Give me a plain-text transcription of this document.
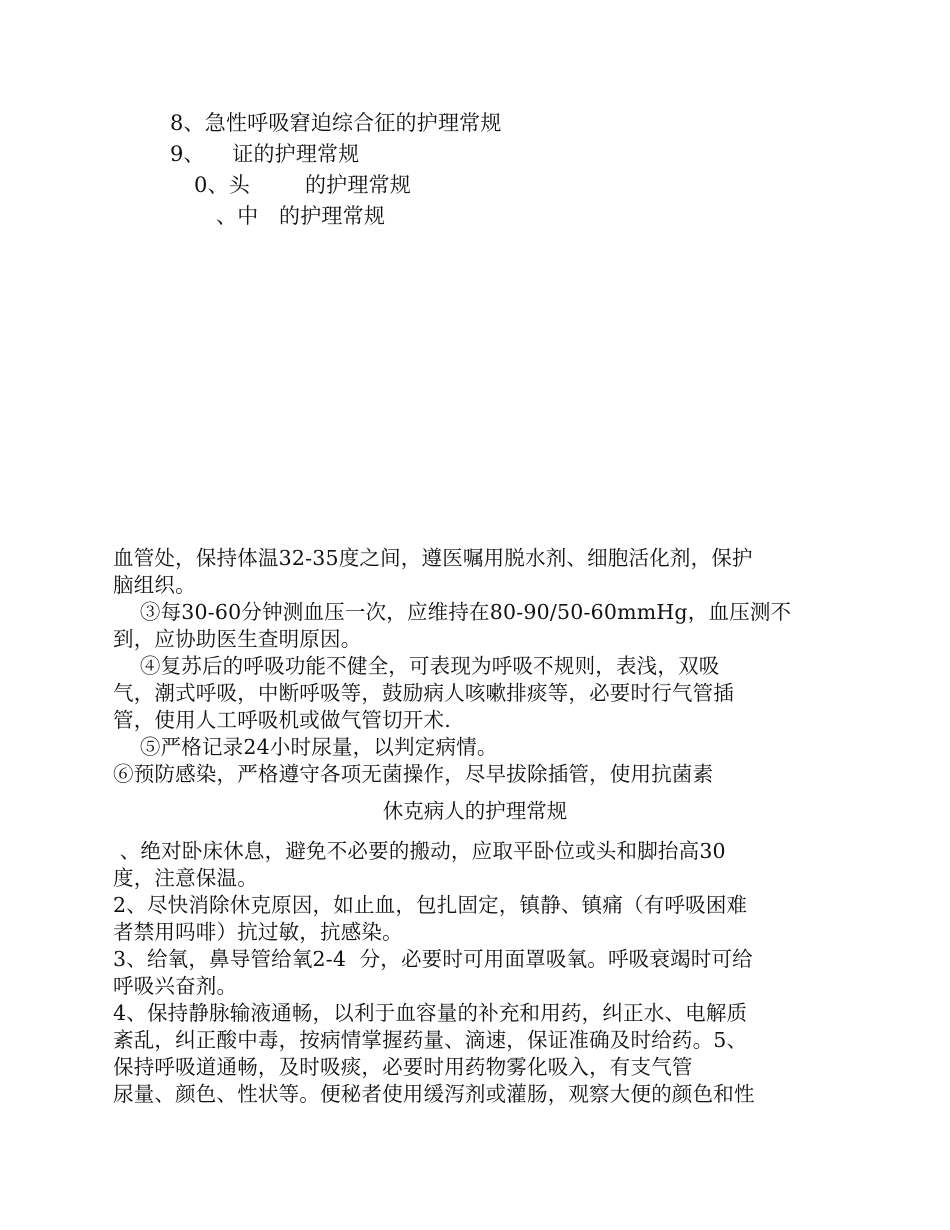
8、急性呼吸窘迫综合征的护理常规
9、    证的护理常规
0、头        的护理常规
、中   的护理常规
血管处，保持体温32-35度之间，遵医嘱用脱水剂、细胞活化剂，保护
脑组织。
③每30-60分钟测血压一次，应维持在80-90/50-60mmHg，血压测不
到，应协助医生查明原因。
④复苏后的呼吸功能不健全，可表现为呼吸不规则，表浅，双吸
气，潮式呼吸，中断呼吸等，鼓励病人咳嗽排痰等，必要时行气管插
管，使用人工呼吸机或做气管切开术.
⑤严格记录24小时尿量，以判定病情。
⑥预防感染，严格遵守各项无菌操作，尽早拔除插管，使用抗菌素
休克病人的护理常规
、绝对卧床休息，避免不必要的搬动，应取平卧位或头和脚抬高30
度，注意保温。
2、尽快消除休克原因，如止血，包扎固定，镇静、镇痛（有呼吸困难
者禁用吗啡）抗过敏，抗感染。
3、给氧，鼻导管给氧2-4  分，必要时可用面罩吸氧。呼吸衰竭时可给
呼吸兴奋剂。
4、保持静脉输液通畅，以利于血容量的补充和用药，纠正水、电解质
紊乱，纠正酸中毒，按病情掌握药量、滴速，保证准确及时给药。5、
保持呼吸道通畅，及时吸痰，必要时用药物雾化吸入，有支气管
尿量、颜色、性状等。便秘者使用缓泻剂或灌肠，观察大便的颜色和性
